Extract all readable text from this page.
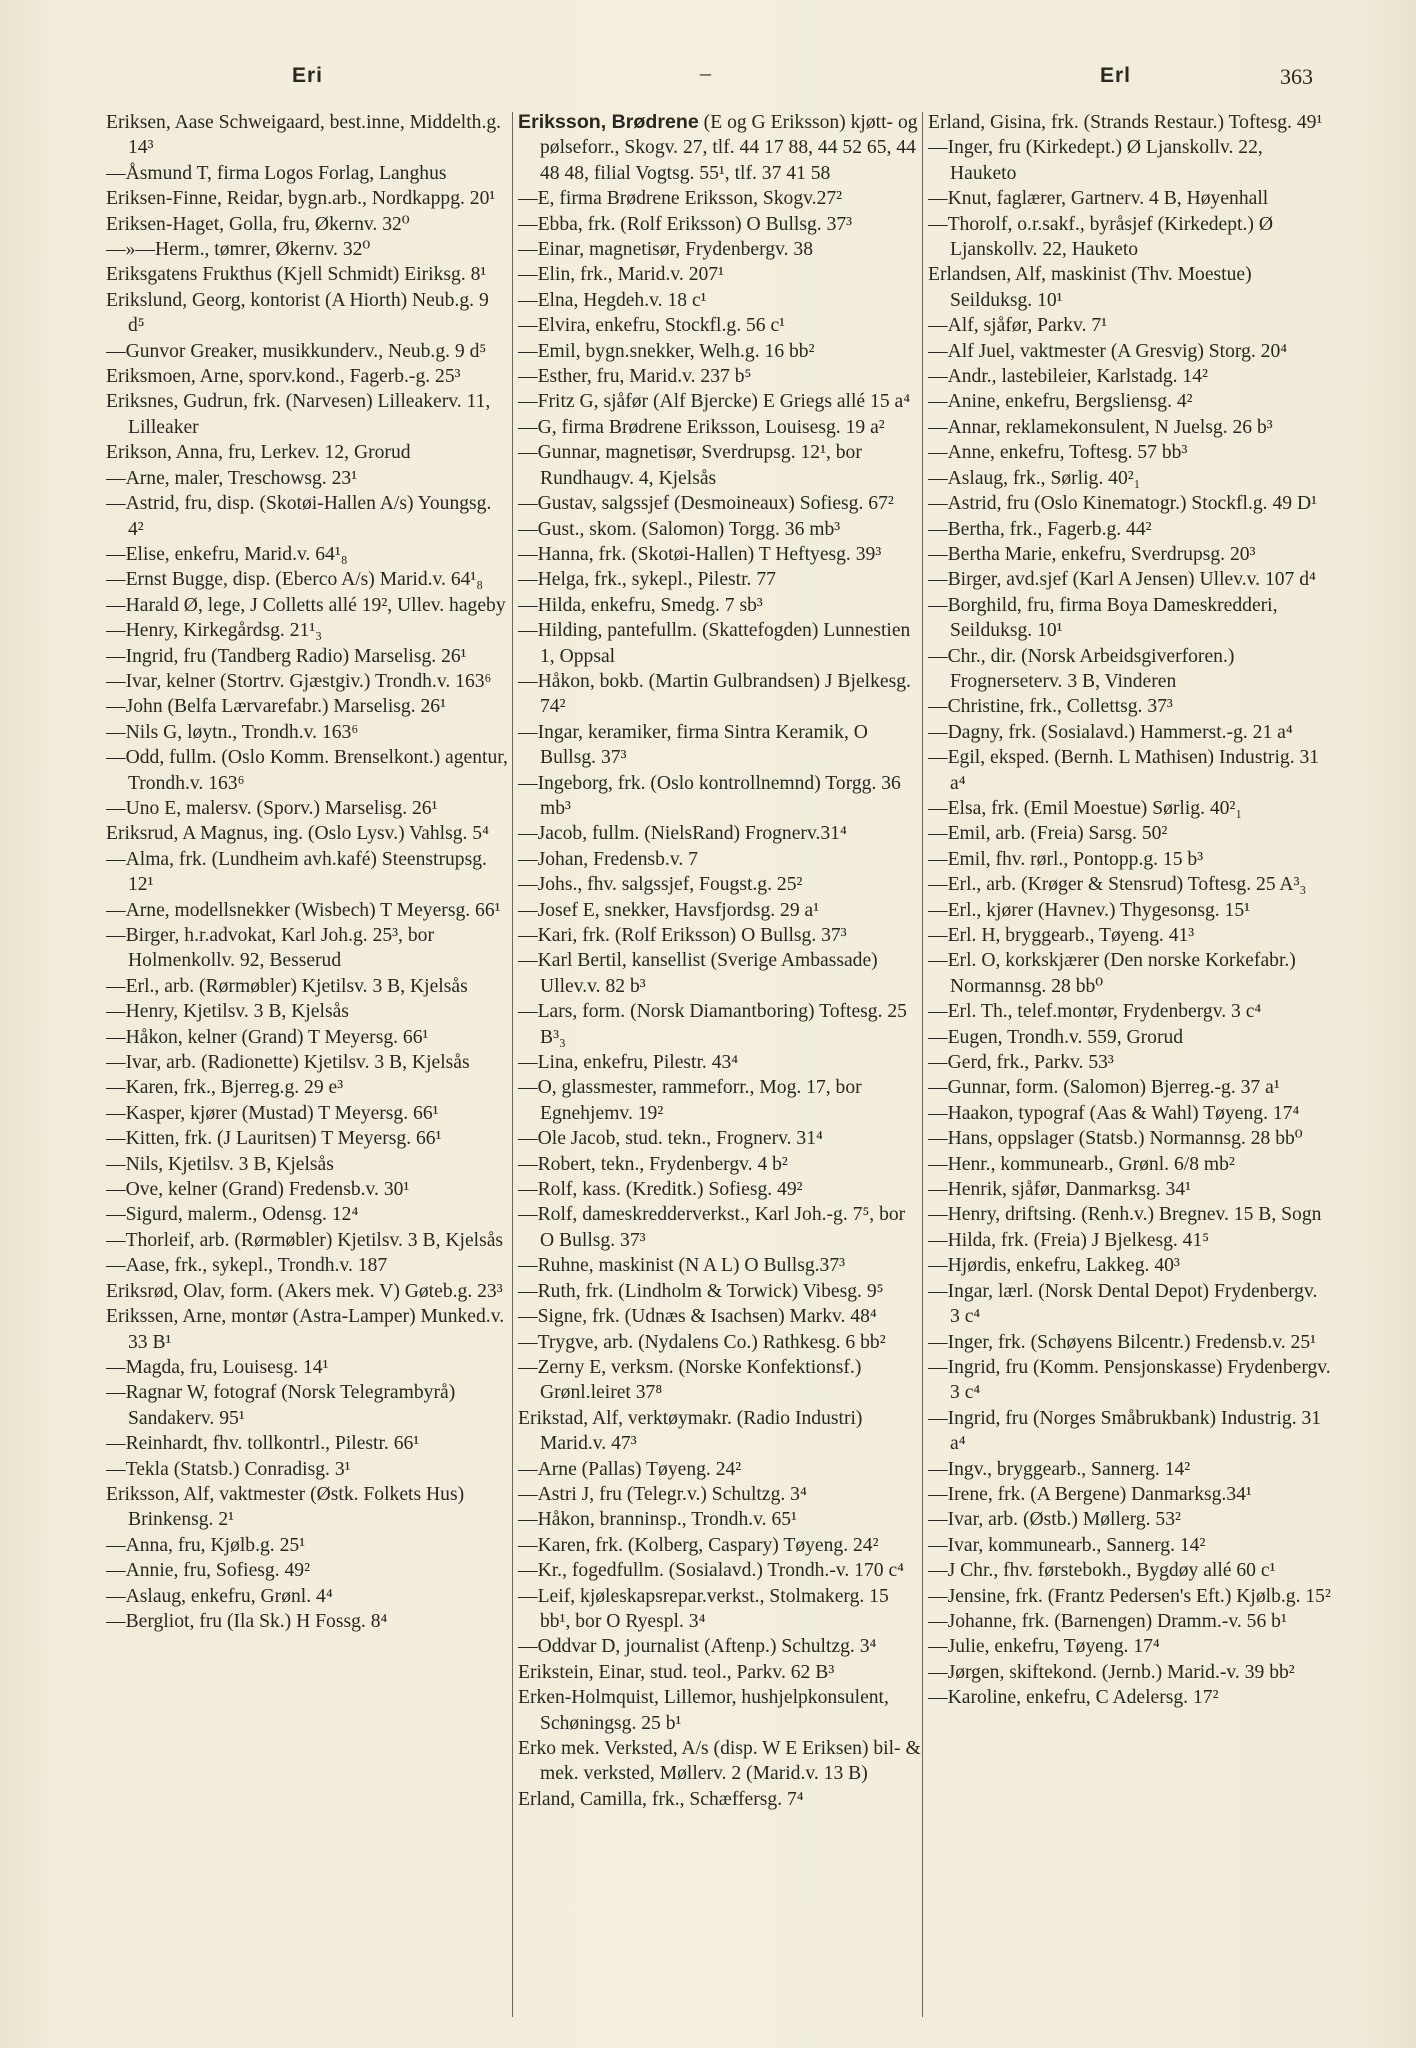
Eri	‒	Erl	363

Eriksen, Aase Schweigaard, best.inne, Middelth.g. 14³

—Åsmund T, firma Logos Forlag, Langhus

Eriksen-Finne, Reidar, bygn.arb., Nordkappg. 20¹

Eriksen-Haget, Golla, fru, Økernv. 32⁰

—»—Herm., tømrer, Økernv. 32⁰

Eriksgatens Frukthus (Kjell Schmidt) Eiriksg. 8¹

Erikslund, Georg, kontorist (A Hiorth) Neub.g. 9 d⁵

—Gunvor Greaker, musikkunderv., Neub.g. 9 d⁵

Eriksmoen, Arne, sporv.kond., Fagerb.-g. 25³

Eriksnes, Gudrun, frk. (Narvesen) Lilleakerv. 11, Lilleaker

Erikson, Anna, fru, Lerkev. 12, Grorud

—Arne, maler, Treschowsg. 23¹

—Astrid, fru, disp. (Skotøi-Hallen A/s) Youngsg. 4²

—Elise, enkefru, Marid.v. 64¹₈

—Ernst Bugge, disp. (Eberco A/s) Marid.v. 64¹₈

—Harald Ø, lege, J Colletts allé 19², Ullev. hageby

—Henry, Kirkegårdsg. 21¹₃

—Ingrid, fru (Tandberg Radio) Marselisg. 26¹

—Ivar, kelner (Stortrv. Gjæstgiv.) Trondh.v. 163⁶

—John (Belfa Lærvarefabr.) Marselisg. 26¹

—Nils G, løytn., Trondh.v. 163⁶

—Odd, fullm. (Oslo Komm. Brenselkont.) agentur, Trondh.v. 163⁶

—Uno E, malersv. (Sporv.) Marselisg. 26¹

Eriksrud, A Magnus, ing. (Oslo Lysv.) Vahlsg. 5⁴

—Alma, frk. (Lundheim avh.kafé) Steenstrupsg. 12¹

—Arne, modellsnekker (Wisbech) T Meyersg. 66¹

—Birger, h.r.advokat, Karl Joh.g. 25³, bor Holmenkollv. 92, Besserud

—Erl., arb. (Rørmøbler) Kjetilsv. 3 B, Kjelsås

—Henry, Kjetilsv. 3 B, Kjelsås

—Håkon, kelner (Grand) T Meyersg. 66¹

—Ivar, arb. (Radionette) Kjetilsv. 3 B, Kjelsås

—Karen, frk., Bjerreg.g. 29 e³

—Kasper, kjører (Mustad) T Meyersg. 66¹

—Kitten, frk. (J Lauritsen) T Meyersg. 66¹

—Nils, Kjetilsv. 3 B, Kjelsås

—Ove, kelner (Grand) Fredensb.v. 30¹

—Sigurd, malerm., Odensg. 12⁴

—Thorleif, arb. (Rørmøbler) Kjetilsv. 3 B, Kjelsås

—Aase, frk., sykepl., Trondh.v. 187

Eriksrød, Olav, form. (Akers mek. V) Gøteb.g. 23³

Erikssen, Arne, montør (Astra-Lamper) Munked.v. 33 B¹

—Magda, fru, Louisesg. 14¹

—Ragnar W, fotograf (Norsk Telegrambyrå) Sandakerv. 95¹

—Reinhardt, fhv. tollkontrl., Pilestr. 66¹

—Tekla (Statsb.) Conradisg. 3¹

Eriksson, Alf, vaktmester (Østk. Folkets Hus) Brinkensg. 2¹

—Anna, fru, Kjølb.g. 25¹

—Annie, fru, Sofiesg. 49²

—Aslaug, enkefru, Grønl. 4⁴

—Bergliot, fru (Ila Sk.) H Fossg. 8⁴

Eriksson, Brødrene (E og G Eriksson) kjøtt- og pølseforr., Skogv. 27, tlf. 44 17 88, 44 52 65, 44 48 48, filial Vogtsg. 55¹, tlf. 37 41 58

—E, firma Brødrene Eriksson, Skogv.27²

—Ebba, frk. (Rolf Eriksson) O Bullsg. 37³

—Einar, magnetisør, Frydenbergv. 38

—Elin, frk., Marid.v. 207¹

—Elna, Hegdeh.v. 18 c¹

—Elvira, enkefru, Stockfl.g. 56 c¹

—Emil, bygn.snekker, Welh.g. 16 bb²

—Esther, fru, Marid.v. 237 b⁵

—Fritz G, sjåfør (Alf Bjercke) E Griegs allé 15 a⁴

—G, firma Brødrene Eriksson, Louisesg. 19 a²

—Gunnar, magnetisør, Sverdrupsg. 12¹, bor Rundhaugv. 4, Kjelsås

—Gustav, salgssjef (Desmoineaux) Sofiesg. 67²

—Gust., skom. (Salomon) Torgg. 36 mb³

—Hanna, frk. (Skotøi-Hallen) T Heftyesg. 39³

—Helga, frk., sykepl., Pilestr. 77

—Hilda, enkefru, Smedg. 7 sb³

—Hilding, pantefullm. (Skattefogden) Lunnestien 1, Oppsal

—Håkon, bokb. (Martin Gulbrandsen) J Bjelkesg. 74²

—Ingar, keramiker, firma Sintra Keramik, O Bullsg. 37³

—Ingeborg, frk. (Oslo kontrollnemnd) Torgg. 36 mb³

—Jacob, fullm. (NielsRand) Frognerv.31⁴

—Johan, Fredensb.v. 7

—Johs., fhv. salgssjef, Fougst.g. 25²

—Josef E, snekker, Havsfjordsg. 29 a¹

—Kari, frk. (Rolf Eriksson) O Bullsg. 37³

—Karl Bertil, kansellist (Sverige Ambassade) Ullev.v. 82 b³

—Lars, form. (Norsk Diamantboring) Toftesg. 25 B³₃

—Lina, enkefru, Pilestr. 43⁴

—O, glassmester, rammeforr., Mog. 17, bor Egnehjemv. 19²

—Ole Jacob, stud. tekn., Frognerv. 31⁴

—Robert, tekn., Frydenbergv. 4 b²

—Rolf, kass. (Kreditk.) Sofiesg. 49²

—Rolf, dameskredderverkst., Karl Joh.-g. 7⁵, bor O Bullsg. 37³

—Ruhne, maskinist (N A L) O Bullsg.37³

—Ruth, frk. (Lindholm & Torwick) Vibesg. 9⁵

—Signe, frk. (Udnæs & Isachsen) Markv. 48⁴

—Trygve, arb. (Nydalens Co.) Rathkesg. 6 bb²

—Zerny E, verksm. (Norske Konfektionsf.) Grønl.leiret 37⁸

Erikstad, Alf, verktøymakr. (Radio Industri) Marid.v. 47³

—Arne (Pallas) Tøyeng. 24²

—Astri J, fru (Telegr.v.) Schultzg. 3⁴

—Håkon, branninsp., Trondh.v. 65¹

—Karen, frk. (Kolberg, Caspary) Tøyeng. 24²

—Kr., fogedfullm. (Sosialavd.) Trondh.-v. 170 c⁴

—Leif, kjøleskapsrepar.verkst., Stolmakerg. 15 bb¹, bor O Ryespl. 3⁴

—Oddvar D, journalist (Aftenp.) Schultzg. 3⁴

Erikstein, Einar, stud. teol., Parkv. 62 B³

Erken-Holmquist, Lillemor, hushjelpkonsulent, Schøningsg. 25 b¹

Erko mek. Verksted, A/s (disp. W E Eriksen) bil- & mek. verksted, Møllerv. 2 (Marid.v. 13 B)

Erland, Camilla, frk., Schæffersg. 7⁴

Erland, Gisina, frk. (Strands Restaur.) Toftesg. 49¹

—Inger, fru (Kirkedept.) Ø Ljanskollv. 22, Hauketo

—Knut, faglærer, Gartnerv. 4 B, Høyenhall

—Thorolf, o.r.sakf., byråsjef (Kirkedept.) Ø Ljanskollv. 22, Hauketo

Erlandsen, Alf, maskinist (Thv. Moestue) Seilduksg. 10¹

—Alf, sjåfør, Parkv. 7¹

—Alf Juel, vaktmester (A Gresvig) Storg. 20⁴

—Andr., lastebileier, Karlstadg. 14²

—Anine, enkefru, Bergsliensg. 4²

—Annar, reklamekonsulent, N Juelsg. 26 b³

—Anne, enkefru, Toftesg. 57 bb³

—Aslaug, frk., Sørlig. 40²₁

—Astrid, fru (Oslo Kinematogr.) Stockfl.g. 49 D¹

—Bertha, frk., Fagerb.g. 44²

—Bertha Marie, enkefru, Sverdrupsg. 20³

—Birger, avd.sjef (Karl A Jensen) Ullev.v. 107 d⁴

—Borghild, fru, firma Boya Dameskredderi, Seilduksg. 10¹

—Chr., dir. (Norsk Arbeidsgiverforen.) Frognerseterv. 3 B, Vinderen

—Christine, frk., Collettsg. 37³

—Dagny, frk. (Sosialavd.) Hammerst.-g. 21 a⁴

—Egil, eksped. (Bernh. L Mathisen) Industrig. 31 a⁴

—Elsa, frk. (Emil Moestue) Sørlig. 40²₁

—Emil, arb. (Freia) Sarsg. 50²

—Emil, fhv. rørl., Pontopp.g. 15 b³

—Erl., arb. (Krøger & Stensrud) Toftesg. 25 A³₃

—Erl., kjører (Havnev.) Thygesonsg. 15¹

—Erl. H, bryggearb., Tøyeng. 41³

—Erl. O, korkskjærer (Den norske Korkefabr.) Normannsg. 28 bb⁰

—Erl. Th., telef.montør, Frydenbergv. 3 c⁴

—Eugen, Trondh.v. 559, Grorud

—Gerd, frk., Parkv. 53³

—Gunnar, form. (Salomon) Bjerreg.-g. 37 a¹

—Haakon, typograf (Aas & Wahl) Tøyeng. 17⁴

—Hans, oppslager (Statsb.) Normannsg. 28 bb⁰

—Henr., kommunearb., Grønl. 6/8 mb²

—Henrik, sjåfør, Danmarksg. 34¹

—Henry, driftsing. (Renh.v.) Bregnev. 15 B, Sogn

—Hilda, frk. (Freia) J Bjelkesg. 41⁵

—Hjørdis, enkefru, Lakkeg. 40³

—Ingar, lærl. (Norsk Dental Depot) Frydenbergv. 3 c⁴

—Inger, frk. (Schøyens Bilcentr.) Fredensb.v. 25¹

—Ingrid, fru (Komm. Pensjonskasse) Frydenbergv. 3 c⁴

—Ingrid, fru (Norges Småbrukbank) Industrig. 31 a⁴

—Ingv., bryggearb., Sannerg. 14²

—Irene, frk. (A Bergene) Danmarksg.34¹

—Ivar, arb. (Østb.) Møllerg. 53²

—Ivar, kommunearb., Sannerg. 14²

—J Chr., fhv. førstebokh., Bygdøy allé 60 c¹

—Jensine, frk. (Frantz Pedersen's Eft.) Kjølb.g. 15²

—Johanne, frk. (Barnengen) Dramm.-v. 56 b¹

—Julie, enkefru, Tøyeng. 17⁴

—Jørgen, skiftekond. (Jernb.) Marid.-v. 39 bb²

—Karoline, enkefru, C Adelersg. 17²
